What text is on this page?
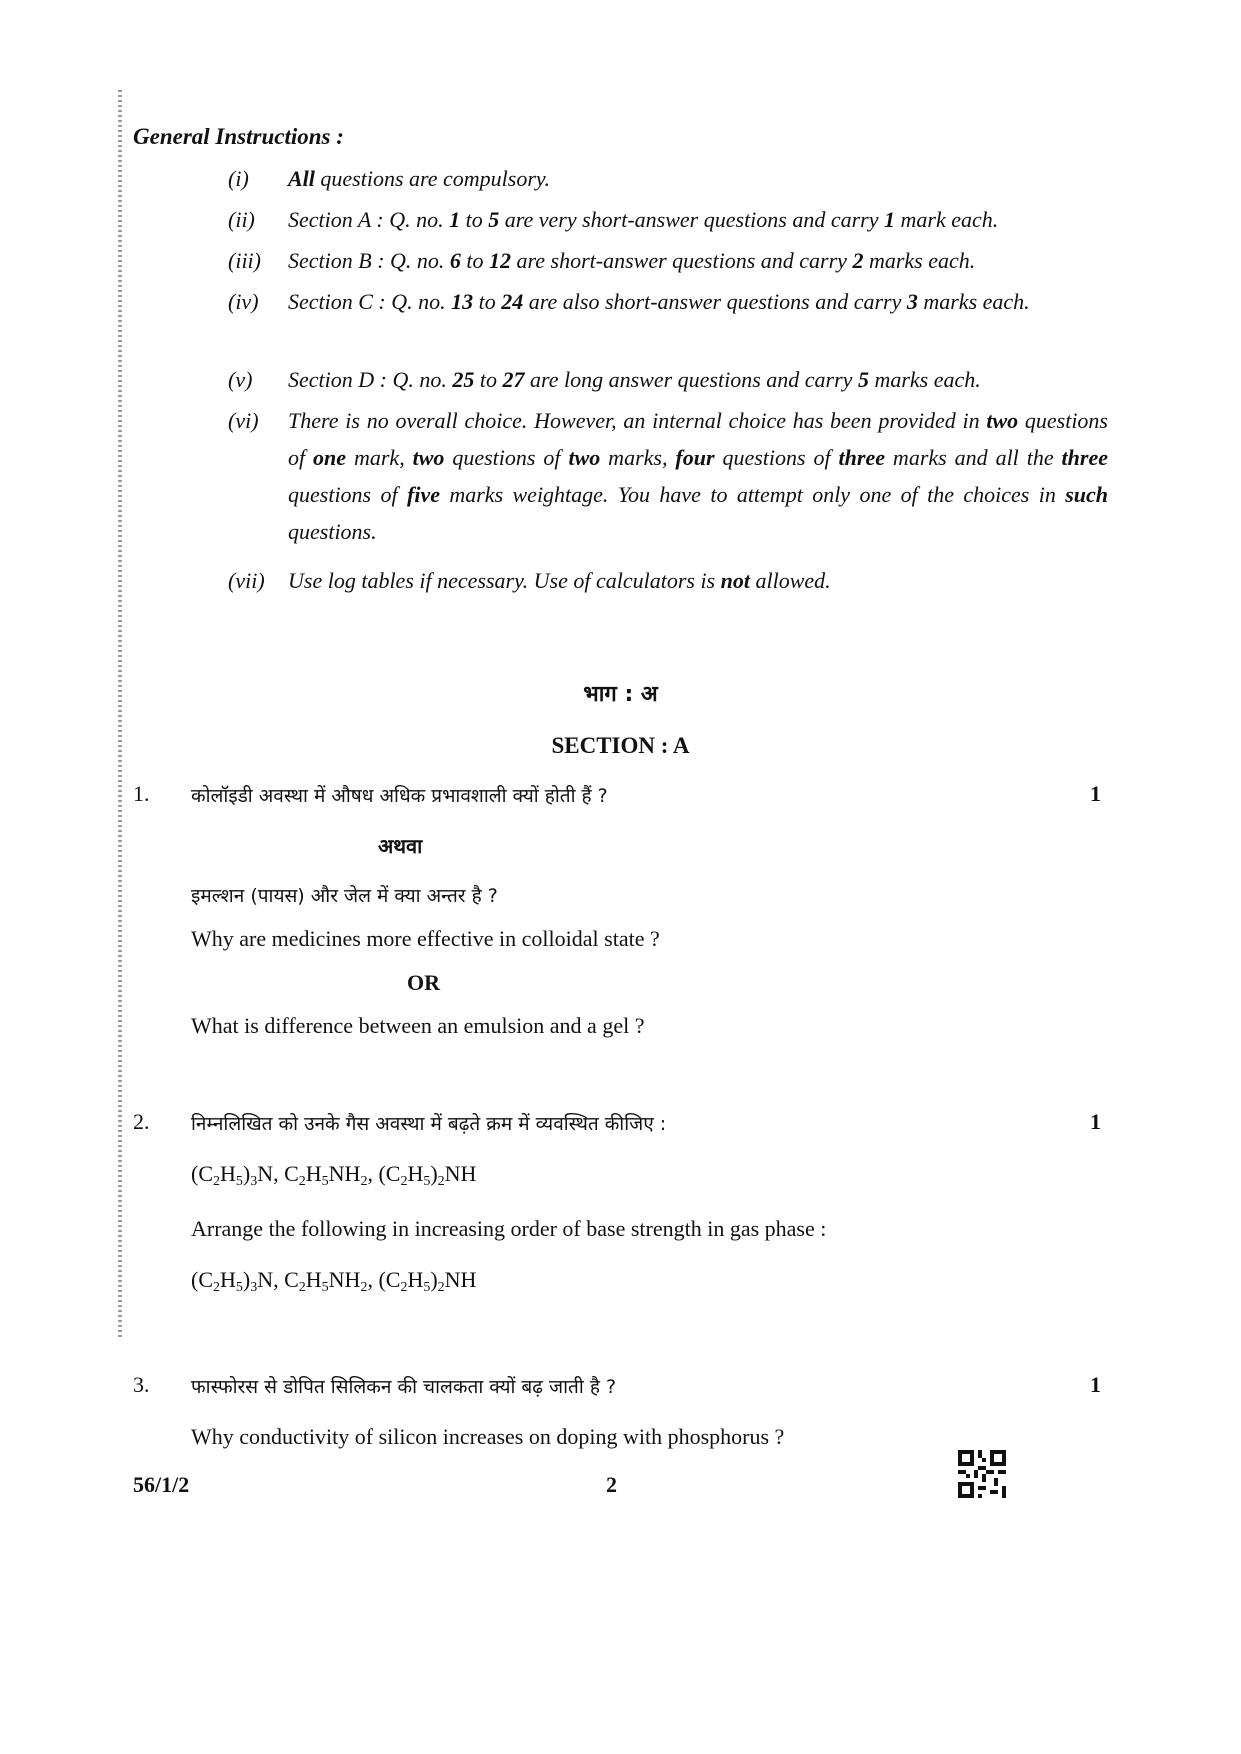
General Instructions :
(i) All questions are compulsory.
(ii) Section A : Q. no. 1 to 5 are very short-answer questions and carry 1 mark each.
(iii) Section B : Q. no. 6 to 12 are short-answer questions and carry 2 marks each.
(iv) Section C : Q. no. 13 to 24 are also short-answer questions and carry 3 marks each.
(v) Section D : Q. no. 25 to 27 are long answer questions and carry 5 marks each.
(vi) There is no overall choice. However, an internal choice has been provided in two questions of one mark, two questions of two marks, four questions of three marks and all the three questions of five marks weightage. You have to attempt only one of the choices in such questions.
(vii) Use log tables if necessary. Use of calculators is not allowed.
भाग : अ
SECTION : A
1. कोलॉइडी अवस्था में औषध अधिक प्रभावशाली क्यों होती हैं ?	1
अथवा
इमल्शन (पायस) और जेल में क्या अन्तर है ?
Why are medicines more effective in colloidal state ?
OR
What is difference between an emulsion and a gel ?
2. निम्नलिखित को उनके गैस अवस्था में बढ़ते क्रम में व्यवस्थित कीजिए :	1
$(C_2H_5)_3N$, $C_2H_5NH_2$, $(C_2H_5)_2NH$
Arrange the following in increasing order of base strength in gas phase :
$(C_2H_5)_3N$, $C_2H_5NH_2$, $(C_2H_5)_2NH$
3. फास्फोरस से डोपित सिलिकन की चालकता क्यों बढ़ जाती है ?	1
Why conductivity of silicon increases on doping with phosphorus ?
56/1/2	2
